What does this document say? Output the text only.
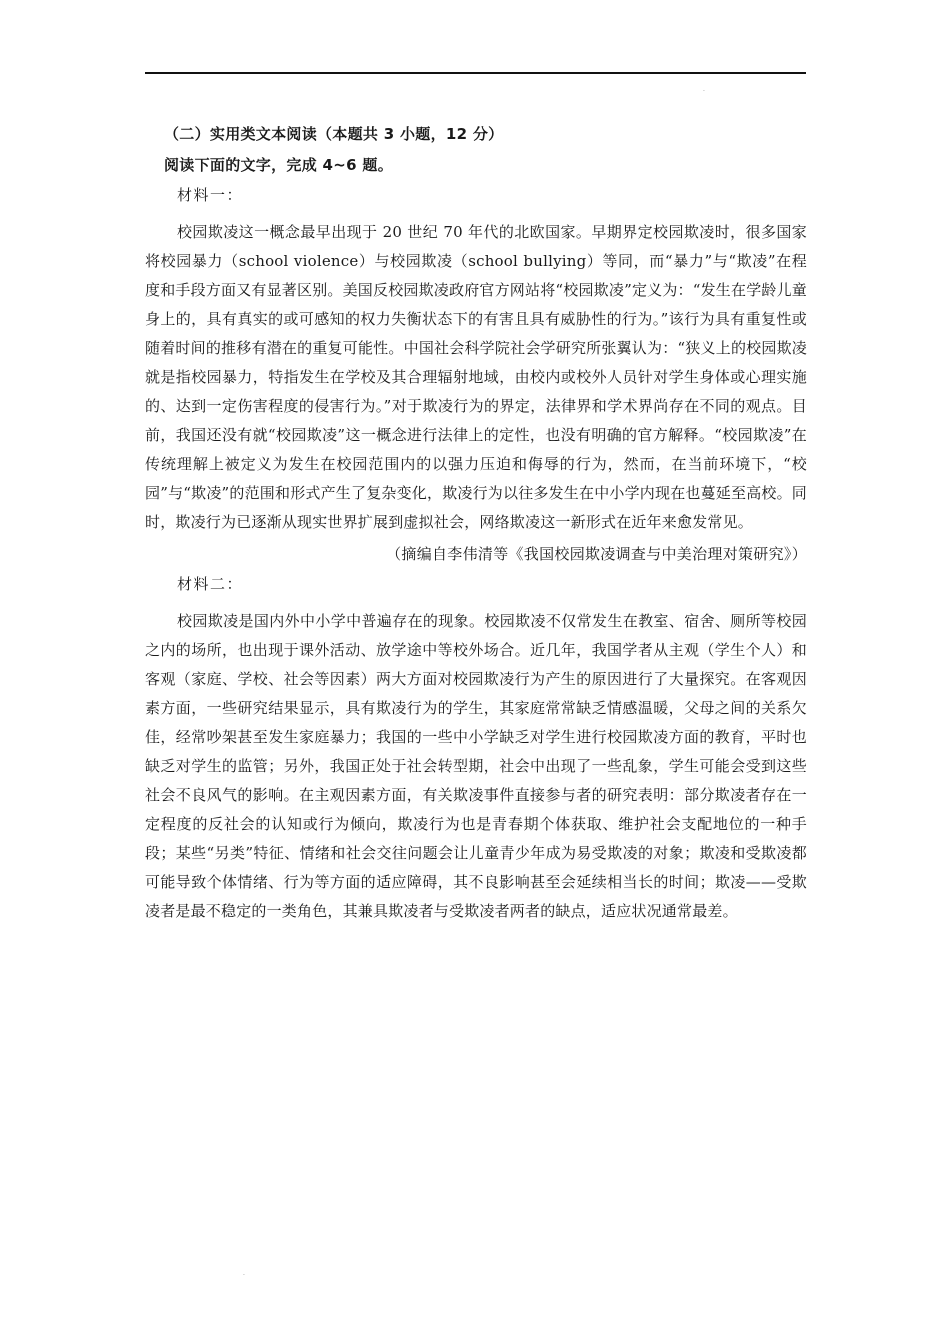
.
（二）实用类文本阅读（本题共 3 小题，12 分）
阅读下面的文字，完成 4~6 题。
材料一：

校园欺凌这一概念最早出现于 20 世纪 70 年代的北欧国家。早期界定校园欺凌时，很多国家将校园暴力（school violence）与校园欺凌（school bullying）等同，而“暴力”与“欺凌”在程度和手段方面又有显著区别。美国反校园欺凌政府官方网站将“校园欺凌”定义为：“发生在学龄儿童身上的，具有真实的或可感知的权力失衡状态下的有害且具有威胁性的行为。”该行为具有重复性或随着时间的推移有潜在的重复可能性。中国社会科学院社会学研究所张翼认为：“狭义上的校园欺凌就是指校园暴力，特指发生在学校及其合理辐射地域，由校内或校外人员针对学生身体或心理实施的、达到一定伤害程度的侵害行为。”对于欺凌行为的界定，法律界和学术界尚存在不同的观点。目前，我国还没有就“校园欺凌”这一概念进行法律上的定性，也没有明确的官方解释。“校园欺凌”在传统理解上被定义为发生在校园范围内的以强力压迫和侮辱的行为，然而，在当前环境下，“校园”与“欺凌”的范围和形式产生了复杂变化，欺凌行为以往多发生在中小学内现在也蔓延至高校。同时，欺凌行为已逐渐从现实世界扩展到虚拟社会，网络欺凌这一新形式在近年来愈发常见。

（摘编自李伟清等《我国校园欺凌调查与中美治理对策研究》）
材料二：

校园欺凌是国内外中小学中普遍存在的现象。校园欺凌不仅常发生在教室、宿舍、厕所等校园之内的场所，也出现于课外活动、放学途中等校外场合。近几年，我国学者从主观（学生个人）和客观（家庭、学校、社会等因素）两大方面对校园欺凌行为产生的原因进行了大量探究。在客观因素方面，一些研究结果显示，具有欺凌行为的学生，其家庭常常缺乏情感温暖，父母之间的关系欠佳，经常吵架甚至发生家庭暴力；我国的一些中小学缺乏对学生进行校园欺凌方面的教育，平时也缺乏对学生的监管；另外，我国正处于社会转型期，社会中出现了一些乱象，学生可能会受到这些社会不良风气的影响。在主观因素方面，有关欺凌事件直接参与者的研究表明：部分欺凌者存在一定程度的反社会的认知或行为倾向，欺凌行为也是青春期个体获取、维护社会支配地位的一种手段；某些“另类”特征、情绪和社会交往问题会让儿童青少年成为易受欺凌的对象；欺凌和受欺凌都可能导致个体情绪、行为等方面的适应障碍，其不良影响甚至会延续相当长的时间；欺凌——受欺凌者是最不稳定的一类角色，其兼具欺凌者与受欺凌者两者的缺点，适应状况通常最差。

.
